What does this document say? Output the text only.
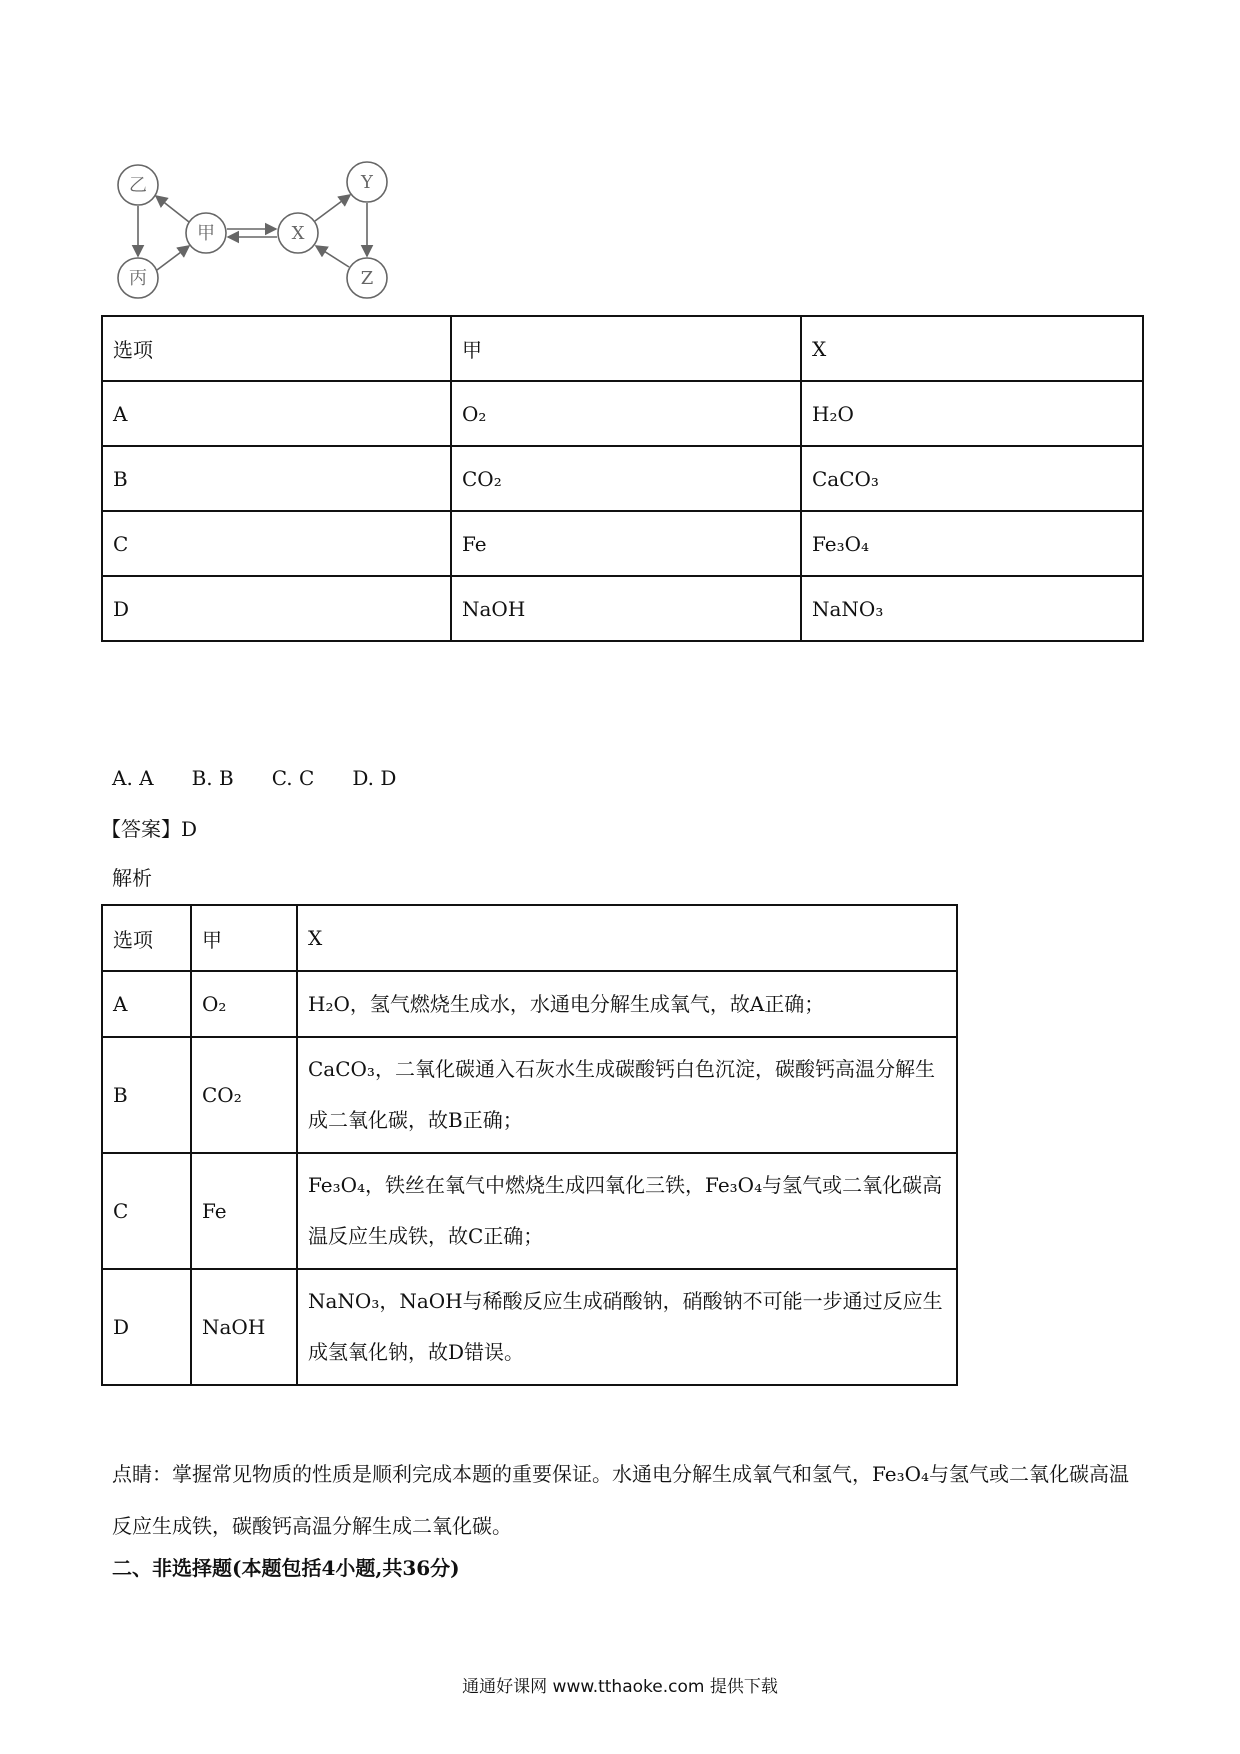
乙
甲
丙
X
Y
Z
选项	甲	X
A	O₂	H₂O
B	CO₂	CaCO₃
C	Fe	Fe₃O₄
D	NaOH	NaNO₃
A. A B. B C. C D. D
【答案】D
解析
选项	甲	X
A	O₂	H₂O，氢气燃烧生成水，水通电分解生成氧气，故A正确；
B	CO₂	CaCO₃，二氧化碳通入石灰水生成碳酸钙白色沉淀，碳酸钙高温分解生成二氧化碳，故B正确；
C	Fe	Fe₃O₄，铁丝在氧气中燃烧生成四氧化三铁，Fe₃O₄与氢气或二氧化碳高温反应生成铁，故C正确；
D	NaOH	NaNO₃，NaOH与稀酸反应生成硝酸钠，硝酸钠不可能一步通过反应生成氢氧化钠，故D错误。
点睛：掌握常见物质的性质是顺利完成本题的重要保证。水通电分解生成氧气和氢气，Fe₃O₄与氢气或二氧化碳高温反应生成铁，碳酸钙高温分解生成二氧化碳。
二、非选择题(本题包括4小题,共36分)
通通好课网 www.tthaoke.com 提供下载
